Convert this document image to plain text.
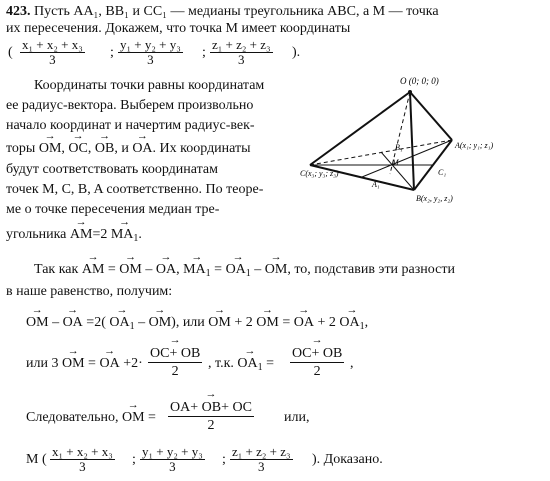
423. Пусть AA₁, BB₁ и CC₁ — медианы треугольника ABC, а M — точка
их пересечения. Докажем, что точка M имеет координаты
( $\frac{\text{x₁ + x₂ + x₃}}{3}$ ; $\frac{\text{y₁ + y₂ + y₃}}{3}$ ; $\frac{\text{z₁ + z₂ + z₃}}{3}$ ).
Координаты точки равны координатам
ее радиус-вектора. Выберем произвольно
начало координат и начертим радиус-век-
торы → OM, → OC, → OB, и → OA. Их координаты
будут соответствовать координатам
точек M, C, B, A соответственно. По теоре-
ме о точке пересечения медиан тре-
угольника → $AM=2 \to MA_1$.
O (0; 0; 0)
A(x₁; y₁; z₁)
B(x₂, y₂, z₂)
C(x₃; y₃; z₃)
B₁
C₁
A₁
M
Так как → AM = → OM – → OA, → $MA_1$ = → $OA_1$ – → OM, то, подставив эти разности
в наше равенство, получим:
→ OM – → OA $=2( \to OA_1$ – → OM), или → OM + 2 → OM = → OA + $2 \to OA_1$,
или 3 → OM = → OA +2·
→ $\frac{OC+ OB}{2}$ , т.к. → $OA_1$ =
→ $\frac{OC+ OB}{2}$ ,
Следовательно, → OM =
→ $\frac{OA+ OB+ OC}{2}$ или,
M ( $\frac{\text{x₁ + x₂ + x₃}}{3}$ ; $\frac{\text{y₁ + y₂ + y₃}}{3}$ ; $\frac{\text{z₁ + z₂ + z₃}}{3}$ ). Доказано.
